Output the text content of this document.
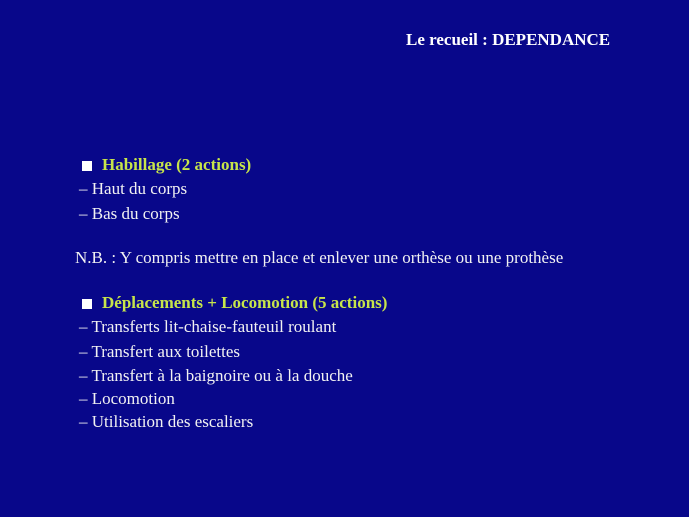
Le recueil : DEPENDANCE
Habillage (2 actions)
– Haut du corps
– Bas du corps
N.B. : Y compris mettre en place et enlever une orthèse ou une prothèse
Déplacements + Locomotion (5 actions)
– Transferts lit-chaise-fauteuil roulant
– Transfert aux toilettes
– Transfert à la baignoire ou à la douche
– Locomotion
– Utilisation des escaliers
